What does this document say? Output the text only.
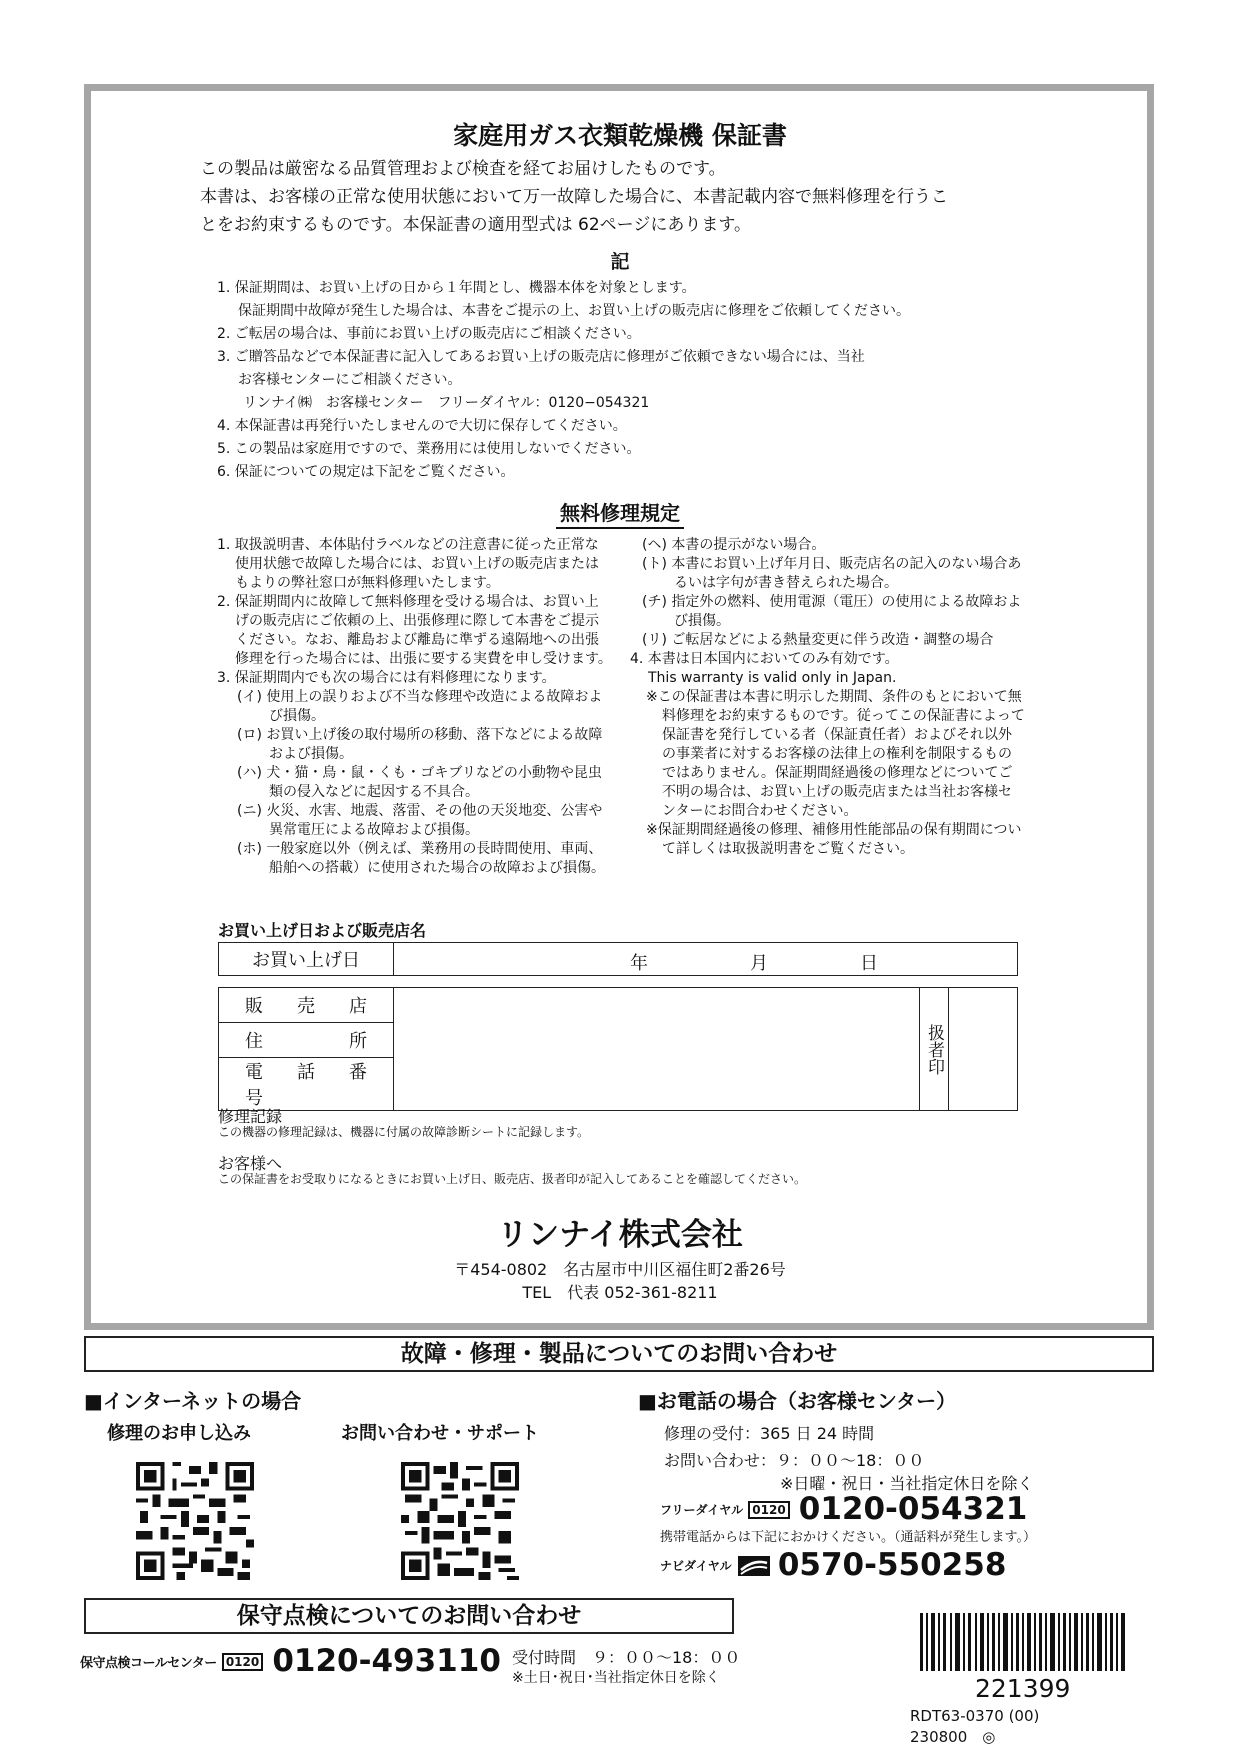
家庭用ガス衣類乾燥機 保証書
この製品は厳密なる品質管理および検査を経てお届けしたものです。
本書は、お客様の正常な使用状態において万一故障した場合に、本書記載内容で無料修理を行うこ
とをお約束するものです。本保証書の適用型式は 62ページにあります。
記
1. 保証期間は、お買い上げの日から１年間とし、機器本体を対象とします。
保証期間中故障が発生した場合は、本書をご提示の上、お買い上げの販売店に修理をご依頼してください。
2. ご転居の場合は、事前にお買い上げの販売店にご相談ください。
3. ご贈答品などで本保証書に記入してあるお買い上げの販売店に修理がご依頼できない場合には、当社
お客様センターにご相談ください。
リンナイ㈱　お客様センター　フリーダイヤル：0120−054321
4. 本保証書は再発行いたしませんので大切に保存してください。
5. この製品は家庭用ですので、業務用には使用しないでください。
6. 保証についての規定は下記をご覧ください。
無料修理規定

1. 取扱説明書、本体貼付ラベルなどの注意書に従った正常な使用状態で故障した場合には、お買い上げの販売店またはもよりの弊社窓口が無料修理いたします。

2. 保証期間内に故障して無料修理を受ける場合は、お買い上げの販売店にご依頼の上、出張修理に際して本書をご提示ください。なお、離島および離島に準ずる遠隔地への出張修理を行った場合には、出張に要する実費を申し受けます。

3. 保証期間内でも次の場合には有料修理になります。

(イ) 使用上の誤りおよび不当な修理や改造による故障および損傷。

(ロ) お買い上げ後の取付場所の移動、落下などによる故障および損傷。

(ハ) 犬・猫・鳥・鼠・くも・ゴキブリなどの小動物や昆虫類の侵入などに起因する不具合。

(ニ) 火災、水害、地震、落雷、その他の天災地変、公害や異常電圧による故障および損傷。

(ホ) 一般家庭以外（例えば、業務用の長時間使用、車両、船舶への搭載）に使用された場合の故障および損傷。

(ヘ) 本書の提示がない場合。

(ト) 本書にお買い上げ年月日、販売店名の記入のない場合あるいは字句が書き替えられた場合。

(チ) 指定外の燃料、使用電源（電圧）の使用による故障および損傷。

(リ) ご転居などによる熱量変更に伴う改造・調整の場合

4. 本書は日本国内においてのみ有効です。

This warranty is valid only in Japan.

※この保証書は本書に明示した期間、条件のもとにおいて無料修理をお約束するものです。従ってこの保証書によって保証書を発行している者（保証責任者）およびそれ以外の事業者に対するお客様の法律上の権利を制限するものではありません。保証期間経過後の修理などについてご不明の場合は、お買い上げの販売店または当社お客様センターにお問合わせください。

※保証期間経過後の修理、補修用性能部品の保有期間について詳しくは取扱説明書をご覧ください。

お買い上げ日および販売店名
お買い上げ日	年	月	日
販　売　店		扱者印	
住　　所
電　話　番　号
修理記録
この機器の修理記録は、機器に付属の故障診断シートに記録します。
お客様へ
この保証書をお受取りになるときにお買い上げ日、販売店、扱者印が記入してあることを確認してください。
リンナイ株式会社
〒454-0802　名古屋市中川区福住町2番26号
TEL　代表 052-361-8211
故障・修理・製品についてのお問い合わせ
■インターネットの場合
修理のお申し込み	お問い合わせ・サポート
■お電話の場合（お客様センター）
修理の受付：365 日 24 時間
お問い合わせ：９：００〜18：００
※日曜・祝日・当社指定休日を除く
フリーダイヤル 0120 0120-054321
携帯電話からは下記におかけください。（通話料が発生します。）
ナビダイヤル 0570-550258
保守点検についてのお問い合わせ
保守点検コールセンター 0120 0120-493110 受付時間　９：００〜18：００
※土日･祝日･当社指定休日を除く	221399
RDT63-0370 (00)
230800　◎
